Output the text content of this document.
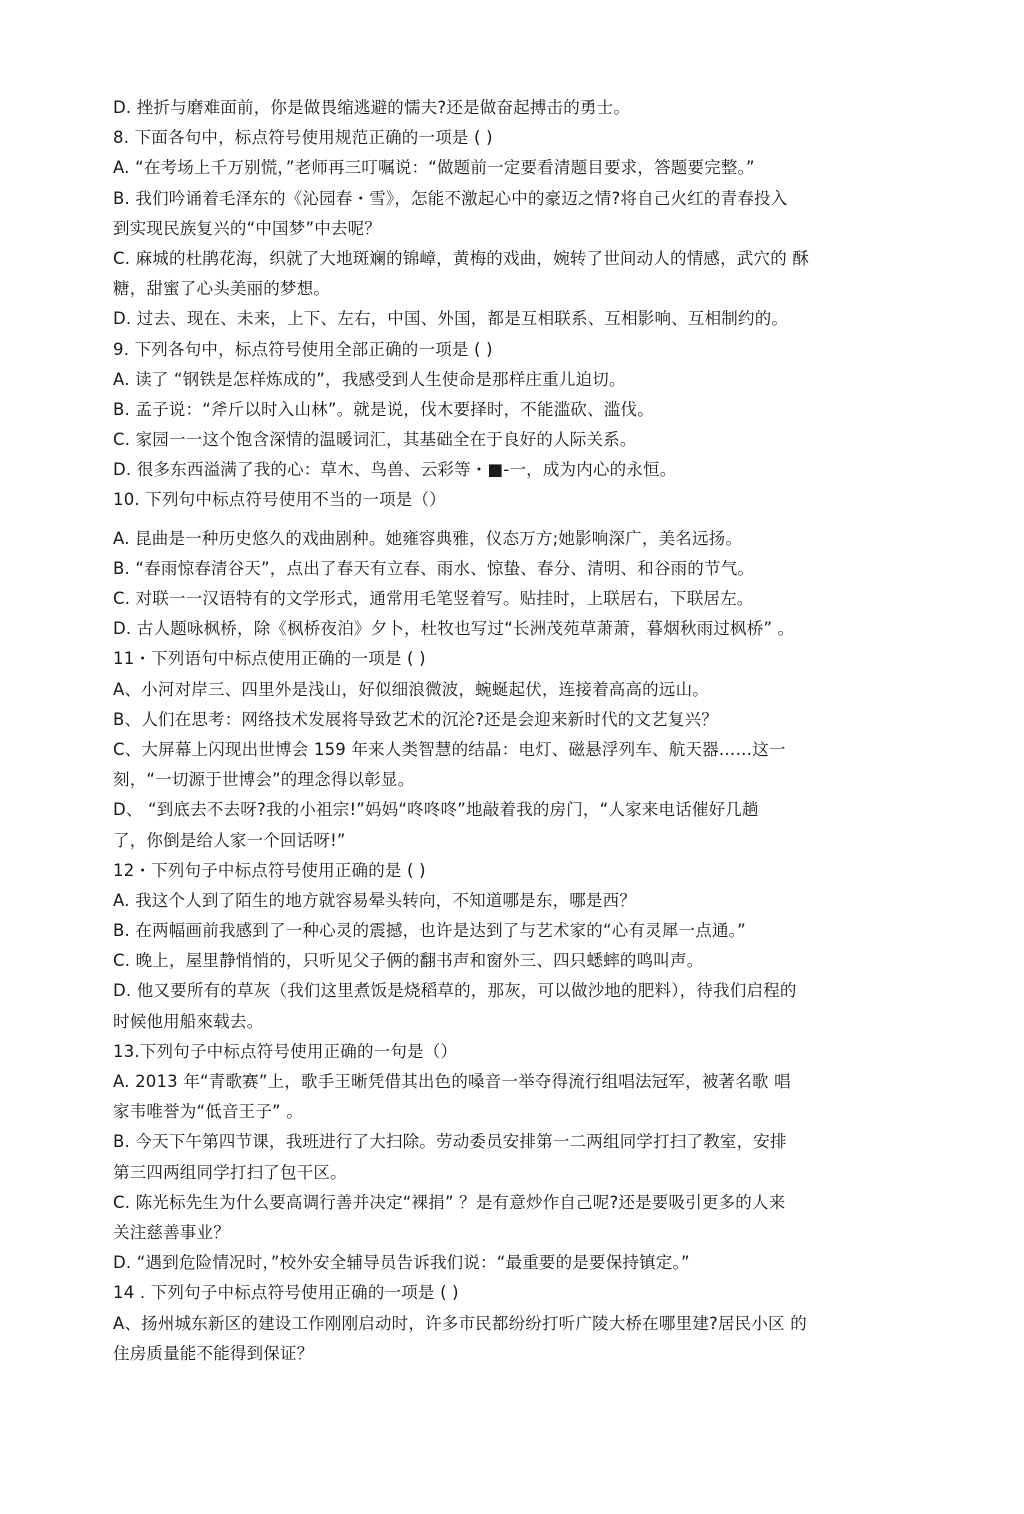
D. 挫折与磨难面前，你是做畏缩逃避的懦夫?还是做奋起搏击的勇士。
8. 下面各句中，标点符号使用规范正确的一项是 ( )
A. “在考场上千万别慌，”老师再三叮嘱说：“做题前一定要看清题目要求，答题要完整。”
B. 我们吟诵着毛泽东的《沁园春・雪》，怎能不激起心中的豪迈之情?将自己火红的青春投入
到实现民族复兴的“中国梦”中去呢？
C. 麻城的杜鹃花海，织就了大地斑斓的锦嶂，黄梅的戏曲，婉转了世间动人的情感，武穴的 酥
糖，甜蜜了心头美丽的梦想。
D. 过去、现在、未来，上下、左右，中国、外国，都是互相联系、互相影响、互相制约的。
9. 下列各句中，标点符号使用全部正确的一项是 ( )
A. 读了 “钢铁是怎样炼成的”，我感受到人生使命是那样庄重儿迫切。
B. 孟子说：“斧斤以时入山林”。就是说，伐木要择时，不能滥砍、滥伐。
C. 家园一一这个饱含深情的温暖词汇，其基础全在于良好的人际关系。
D. 很多东西溢满了我的心：草木、鸟兽、云彩等・■-一，成为内心的永恒。
10. 下列句中标点符号使用不当的一项是（）
A. 昆曲是一种历史悠久的戏曲剧种。她雍容典雅，仪态万方;她影响深广，美名远扬。
B. “春雨惊春清谷天”，点出了春天有立春、雨水、惊蛰、春分、清明、和谷雨的节气。
C. 对联一一汉语特有的文学形式，通常用毛笔竖着写。贴挂时，上联居右，下联居左。
D. 古人题咏枫桥，除《枫桥夜泊》夕卜，杜牧也写过“长洲茂苑草萧萧，暮烟秋雨过枫桥” 。
11・下列语句中标点使用正确的一项是 ( )
A、小河对岸三、四里外是浅山，好似细浪微波，蜿蜒起伏，连接着高高的远山。
B、人们在思考：网络技术发展将导致艺术的沉沦?还是会迎来新时代的文艺复兴？
C、大屏幕上闪现出世博会 159 年来人类智慧的结晶：电灯、磁悬浮列车、航天器……这一
刻，“一切源于世博会”的理念得以彰显。
D、 “到底去不去呀?我的小祖宗!”妈妈“咚咚咚”地敲着我的房门，“人家来电话催好几趟
了，你倒是给人家一个回话呀!”
12・下列句子中标点符号使用正确的是 ( )
A. 我这个人到了陌生的地方就容易晕头转向，不知道哪是东，哪是西？
B. 在两幅画前我感到了一种心灵的震撼，也许是达到了与艺术家的“心有灵犀一点通。”
C. 晚上，屋里静悄悄的，只听见父子俩的翻书声和窗外三、四只蟋蟀的鸣叫声。
D. 他又要所有的草灰（我们这里煮饭是烧稻草的，那灰，可以做沙地的肥料），待我们启程的
时候他用船來载去。
13.下列句子中标点符号使用正确的一句是（）
A. 2013 年“青歌赛”上，歌手王晰凭借其出色的嗓音一举夺得流行组唱法冠军，被著名歌 唱
家韦唯誉为“低音王子” 。
B. 今天下午第四节课，我班进行了大扫除。劳动委员安排第一二两组同学打扫了教室，安排
第三四两组同学打扫了包干区。
C. 陈光标先生为什么要高调行善并决定“裸捐” ？是有意炒作自己呢?还是要吸引更多的人来
关注慈善事业？
D. “遇到危险情况时，”校外安全辅导员告诉我们说：“最重要的是要保持镇定。”
14 . 下列句子中标点符号使用正确的一项是 ( )
A、扬州城东新区的建设工作刚刚启动时，许多市民都纷纷打听广陵大桥在哪里建?居民小区 的
住房质量能不能得到保证？
